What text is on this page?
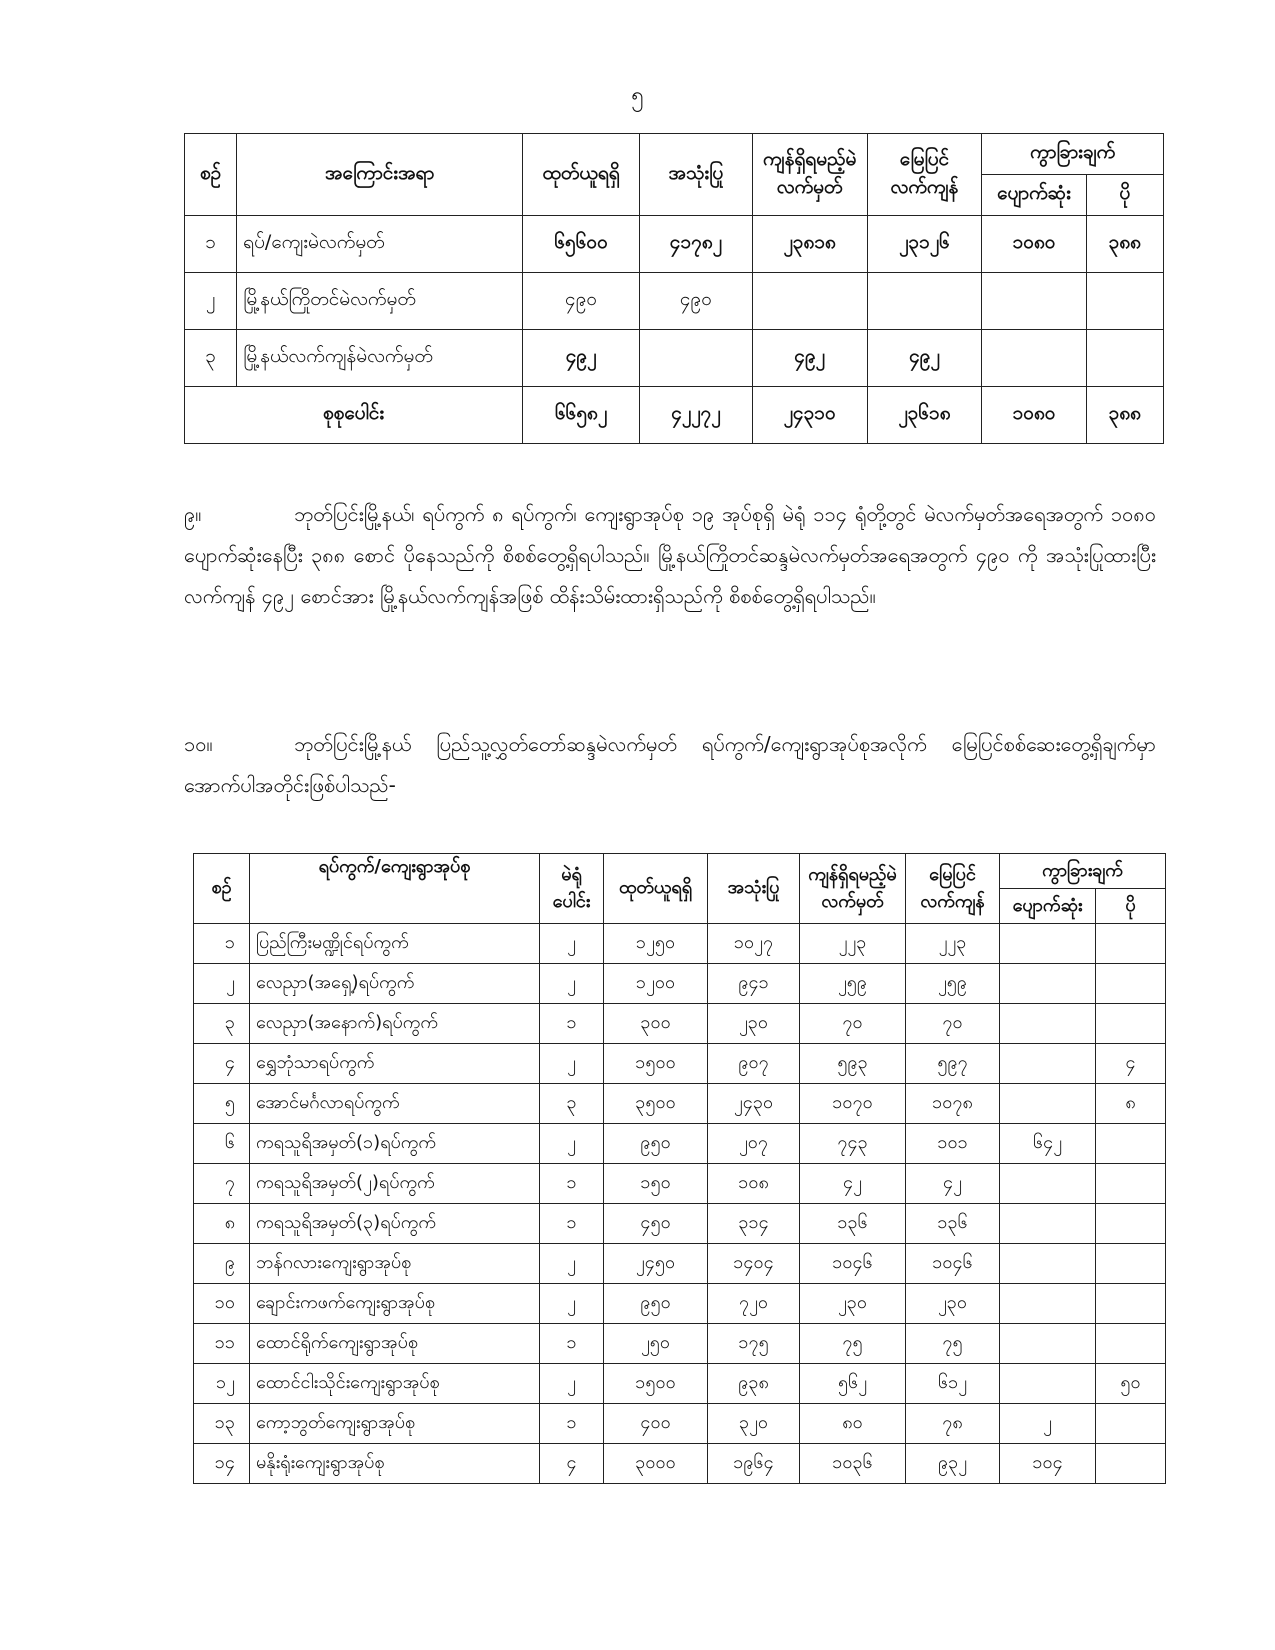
၅
စဉ်	အကြောင်းအရာ	ထုတ်ယူရရှိ	အသုံးပြု	ကျန်ရှိရမည့်မဲလက်မှတ်	မြေပြင်လက်ကျန်	ကွာခြားချက်	
						ပျောက်ဆုံး	ပို
၁	ရပ်/ကျေးမဲလက်မှတ်	၆၅၆၀၀	၄၁၇၈၂	၂၃၈၁၈	၂၃၁၂၆	၁၀၈၀	၃၈၈
၂	မြို့နယ်ကြိုတင်မဲလက်မှတ်	၄၉၀	၄၉၀				
၃	မြို့နယ်လက်ကျန်မဲလက်မှတ်	၄၉၂		၄၉၂	၄၉၂		
စုစုပေါင်း		၆၆၅၈၂	၄၂၂၇၂	၂၄၃၁၀	၂၃၆၁၈	၁၀၈၀	၃၈၈
၉။	ဘုတ်ပြင်းမြို့နယ်၊ ရပ်ကွက် ၈ ရပ်ကွက်၊ ကျေးရွာအုပ်စု ၁၉ အုပ်စုရှိ မဲရုံ ၁၁၄ ရုံတို့တွင် မဲလက်မှတ်အရေအတွက် ၁၀၈၀ ပျောက်ဆုံးနေပြီး ၃၈၈ စောင် ပိုနေသည်ကို စိစစ်တွေ့ရှိရပါသည်။ မြို့နယ်ကြိုတင်ဆန္ဒမဲလက်မှတ်အရေအတွက် ၄၉၀ ကို အသုံးပြုထားပြီး လက်ကျန် ၄၉၂ စောင်အား မြို့နယ်လက်ကျန်အဖြစ် ထိန်းသိမ်းထားရှိသည်ကို စိစစ်တွေ့ရှိရပါသည်။
၁၀။	ဘုတ်ပြင်းမြို့နယ် ပြည်သူ့လွှတ်တော်ဆန္ဒမဲလက်မှတ် ရပ်ကွက်/ကျေးရွာအုပ်စုအလိုက် မြေပြင်စစ်ဆေးတွေ့ရှိချက်မှာ အောက်ပါအတိုင်းဖြစ်ပါသည်-
စဉ်	ရပ်ကွက်/ကျေးရွာအုပ်စု	မဲရုံပေါင်း	ထုတ်ယူရရှိ	အသုံးပြု	ကျန်ရှိရမည့်မဲလက်မှတ်	မြေပြင်လက်ကျန်	ကွာခြားချက်	
							ပျောက်ဆုံး	ပို
၁	ပြည်ကြီးမဏ္ဍိုင်ရပ်ကွက်	၂	၁၂၅၀	၁၀၂၇	၂၂၃	၂၂၃		
၂	လေညှာ(အရှေ့)ရပ်ကွက်	၂	၁၂၀၀	၉၄၁	၂၅၉	၂၅၉		
၃	လေညှာ(အနောက်)ရပ်ကွက်	၁	၃၀၀	၂၃၀	၇၀	၇၀		
၄	ရွှေဘုံသာရပ်ကွက်	၂	၁၅၀၀	၉၀၇	၅၉၃	၅၉၇		၄
၅	အောင်မင်္ဂလာရပ်ကွက်	၃	၃၅၀၀	၂၄၃၀	၁၀၇၀	၁၀၇၈		၈
၆	ကရသူရိအမှတ်(၁)ရပ်ကွက်	၂	၉၅၀	၂၀၇	၇၄၃	၁၀၁	၆၄၂	
၇	ကရသူရိအမှတ်(၂)ရပ်ကွက်	၁	၁၅၀	၁၀၈	၄၂	၄၂		
၈	ကရသူရိအမှတ်(၃)ရပ်ကွက်	၁	၄၅၀	၃၁၄	၁၃၆	၁၃၆		
၉	ဘန်ဂလားကျေးရွာအုပ်စု	၂	၂၄၅၀	၁၄၀၄	၁၀၄၆	၁၀၄၆		
၁၀	ချောင်းကဖက်ကျေးရွာအုပ်စု	၂	၉၅၀	၇၂၀	၂၃၀	၂၃၀		
၁၁	ထောင်ရိုက်ကျေးရွာအုပ်စု	၁	၂၅၀	၁၇၅	၇၅	၇၅		
၁၂	ထောင်ငါးသိုင်းကျေးရွာအုပ်စု	၂	၁၅၀၀	၉၃၈	၅၆၂	၆၁၂		၅၀
၁၃	ကော့ဘွတ်ကျေးရွာအုပ်စု	၁	၄၀၀	၃၂၀	၈၀	၇၈	၂	
၁၄	မနိုးရုံးကျေးရွာအုပ်စု	၄	၃၀၀၀	၁၉၆၄	၁၀၃၆	၉၃၂	၁၀၄	
